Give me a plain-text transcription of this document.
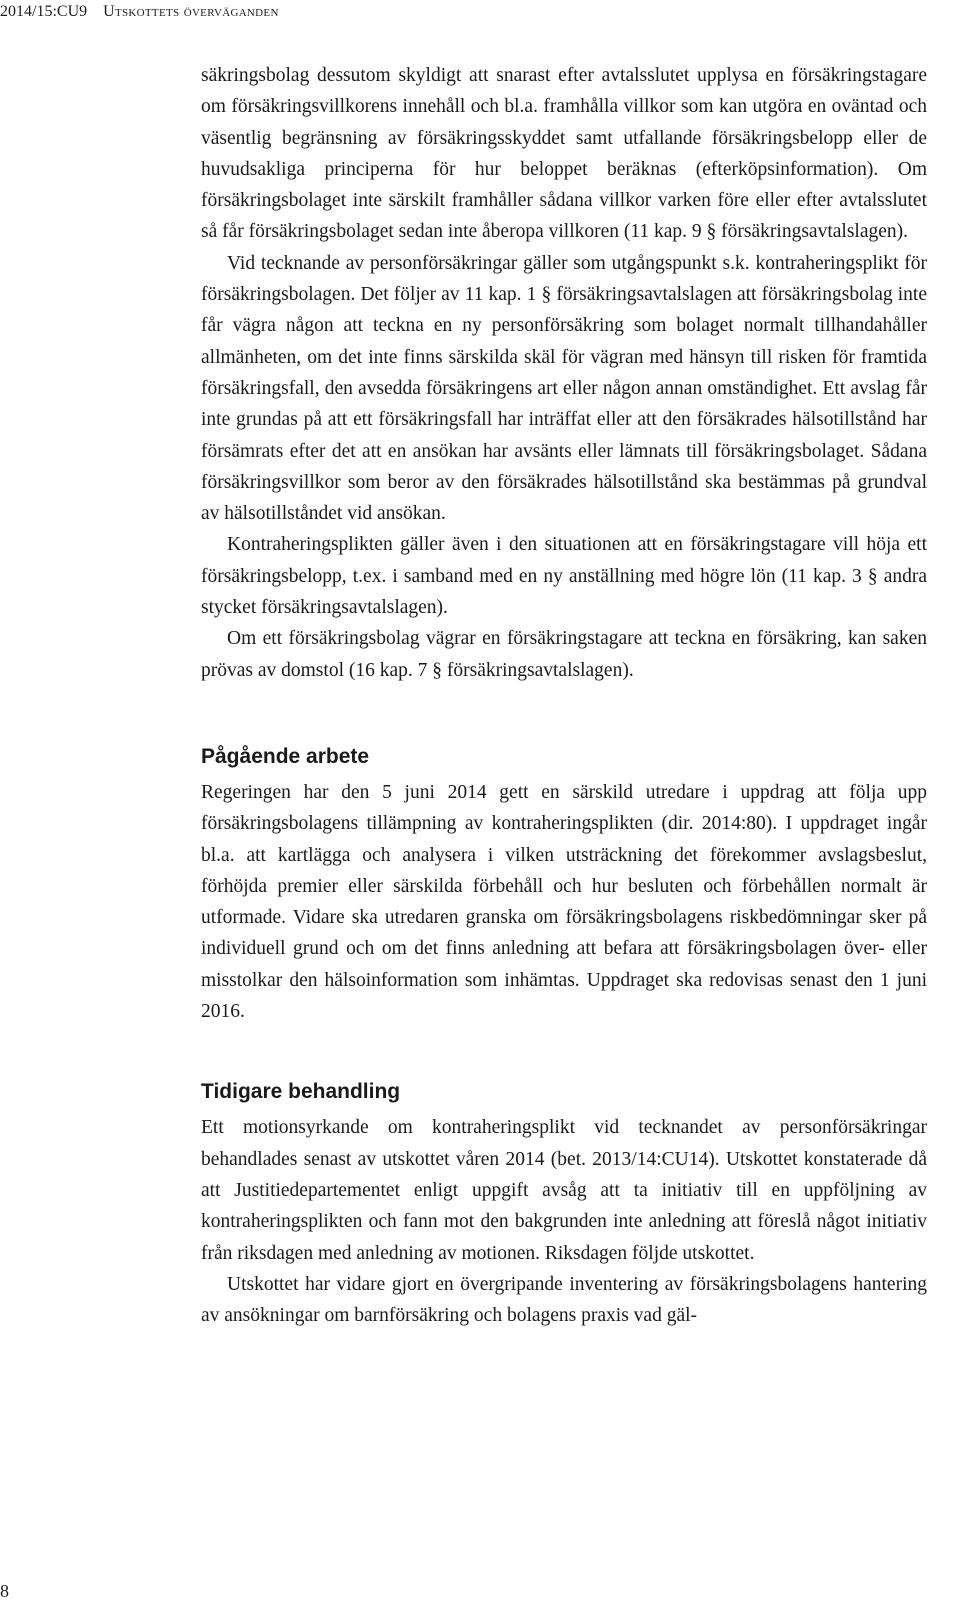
2014/15:CU9 Utskottets överväganden

säkringsbolag dessutom skyldigt att snarast efter avtalsslutet upplysa en försäkringstagare om försäkringsvillkorens innehåll och bl.a. framhålla villkor som kan utgöra en oväntad och väsentlig begränsning av försäkringsskyddet samt utfallande försäkringsbelopp eller de huvudsakliga principerna för hur beloppet beräknas (efterköpsinformation). Om försäkringsbolaget inte särskilt framhåller sådana villkor varken före eller efter avtalsslutet så får försäkringsbolaget sedan inte åberopa villkoren (11 kap. 9 § försäkringsavtalslagen).

Vid tecknande av personförsäkringar gäller som utgångspunkt s.k. kontraheringsplikt för försäkringsbolagen. Det följer av 11 kap. 1 § försäkringsavtalslagen att försäkringsbolag inte får vägra någon att teckna en ny personförsäkring som bolaget normalt tillhandahåller allmänheten, om det inte finns särskilda skäl för vägran med hänsyn till risken för framtida försäkringsfall, den avsedda försäkringens art eller någon annan omständighet. Ett avslag får inte grundas på att ett försäkringsfall har inträffat eller att den försäkrades hälsotillstånd har försämrats efter det att en ansökan har avsänts eller lämnats till försäkringsbolaget. Sådana försäkringsvillkor som beror av den försäkrades hälsotillstånd ska bestämmas på grundval av hälsotillståndet vid ansökan.

Kontraheringsplikten gäller även i den situationen att en försäkringstagare vill höja ett försäkringsbelopp, t.ex. i samband med en ny anställning med högre lön (11 kap. 3 § andra stycket försäkringsavtalslagen).

Om ett försäkringsbolag vägrar en försäkringstagare att teckna en försäkring, kan saken prövas av domstol (16 kap. 7 § försäkringsavtalslagen).

Pågående arbete

Regeringen har den 5 juni 2014 gett en särskild utredare i uppdrag att följa upp försäkringsbolagens tillämpning av kontraheringsplikten (dir. 2014:80). I uppdraget ingår bl.a. att kartlägga och analysera i vilken utsträckning det förekommer avslagsbeslut, förhöjda premier eller särskilda förbehåll och hur besluten och förbehållen normalt är utformade. Vidare ska utredaren granska om försäkringsbolagens riskbedömningar sker på individuell grund och om det finns anledning att befara att försäkringsbolagen över- eller misstolkar den hälsoinformation som inhämtas. Uppdraget ska redovisas senast den 1 juni 2016.

Tidigare behandling

Ett motionsyrkande om kontraheringsplikt vid tecknandet av personförsäkringar behandlades senast av utskottet våren 2014 (bet. 2013/14:CU14). Utskottet konstaterade då att Justitiedepartementet enligt uppgift avsåg att ta initiativ till en uppföljning av kontraheringsplikten och fann mot den bakgrunden inte anledning att föreslå något initiativ från riksdagen med anledning av motionen. Riksdagen följde utskottet.

Utskottet har vidare gjort en övergripande inventering av försäkringsbolagens hantering av ansökningar om barnförsäkring och bolagens praxis vad gäl-

8
